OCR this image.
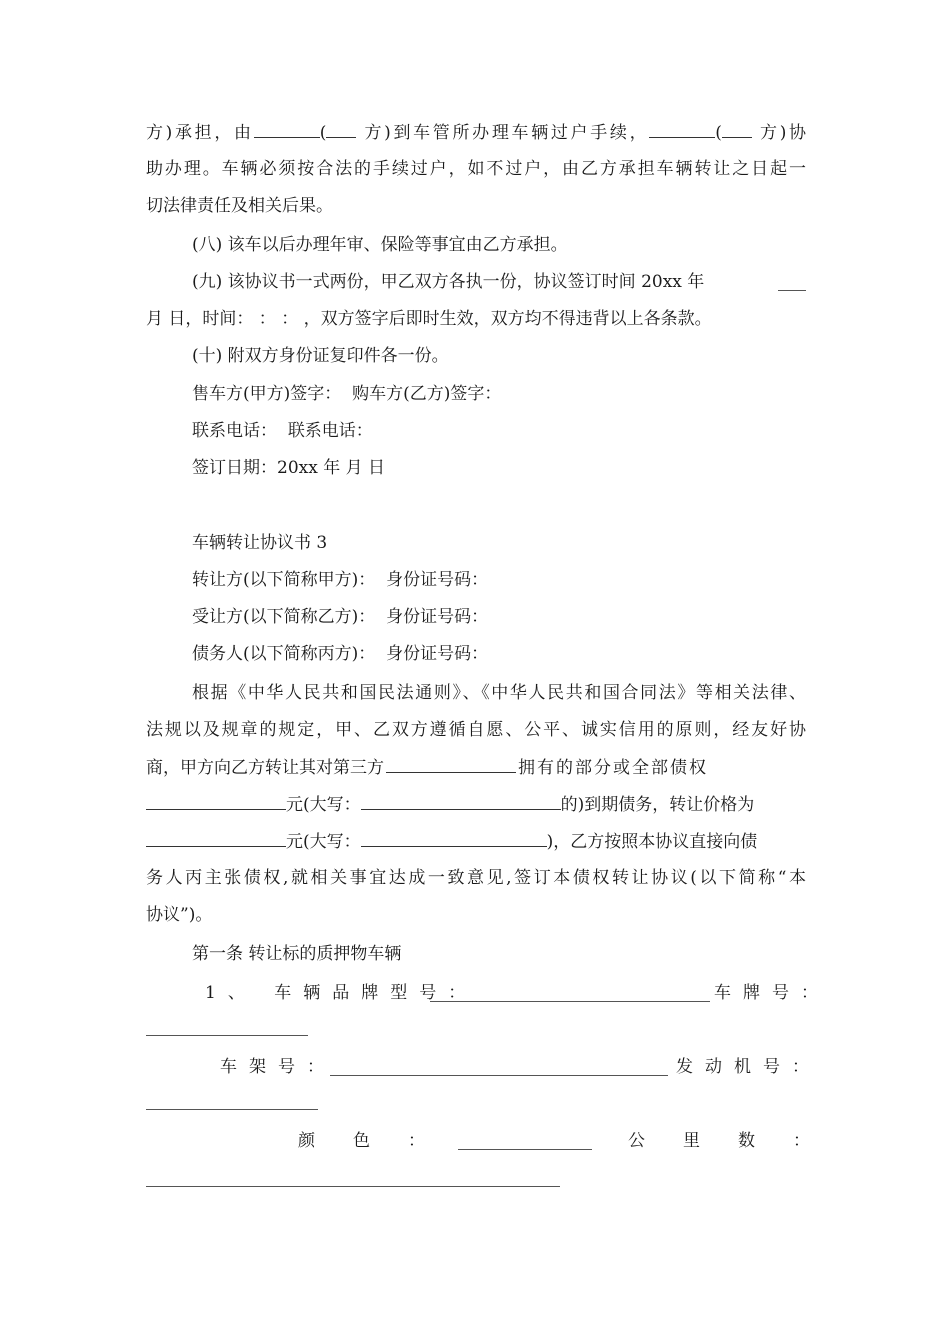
方)承担，由	( 方)到车管所办理车辆过户手续，	( 方)协
助办理。车辆必须按合法的手续过户，如不过户，由乙方承担车辆转让之日起一
切法律责任及相关后果。
(八) 该车以后办理年审、保险等事宜由乙方承担。
(九) 该协议书一式两份，甲乙双方各执一份，协议签订时间 20xx 年
月 日，时间： ： ： ，双方签字后即时生效，双方均不得违背以上各条款。
(十) 附双方身份证复印件各一份。
售车方(甲方)签字： 购车方(乙方)签字：
联系电话： 联系电话：
签订日期：20xx 年 月 日
车辆转让协议书 3
转让方(以下简称甲方)： 身份证号码：
受让方(以下简称乙方)： 身份证号码：
债务人(以下简称丙方)： 身份证号码：
根据《中华人民共和国民法通则》、《中华人民共和国合同法》等相关法律、
法规以及规章的规定，甲、乙双方遵循自愿、公平、诚实信用的原则，经友好协
商，甲方向乙方转让其对第三方	拥有的部分或全部债权
元(大写：	的)到期债务，转让价格为
元(大写：	)，乙方按照本协议直接向债
务人丙主张债权,就相关事宜达成一致意见,签订本债权转让协议(以下简称“本
协议”)。
第一条 转让标的质押物车辆
1、 车辆品牌型号：	车牌号：
车架号：	发动机号：
颜色：	公里数：
